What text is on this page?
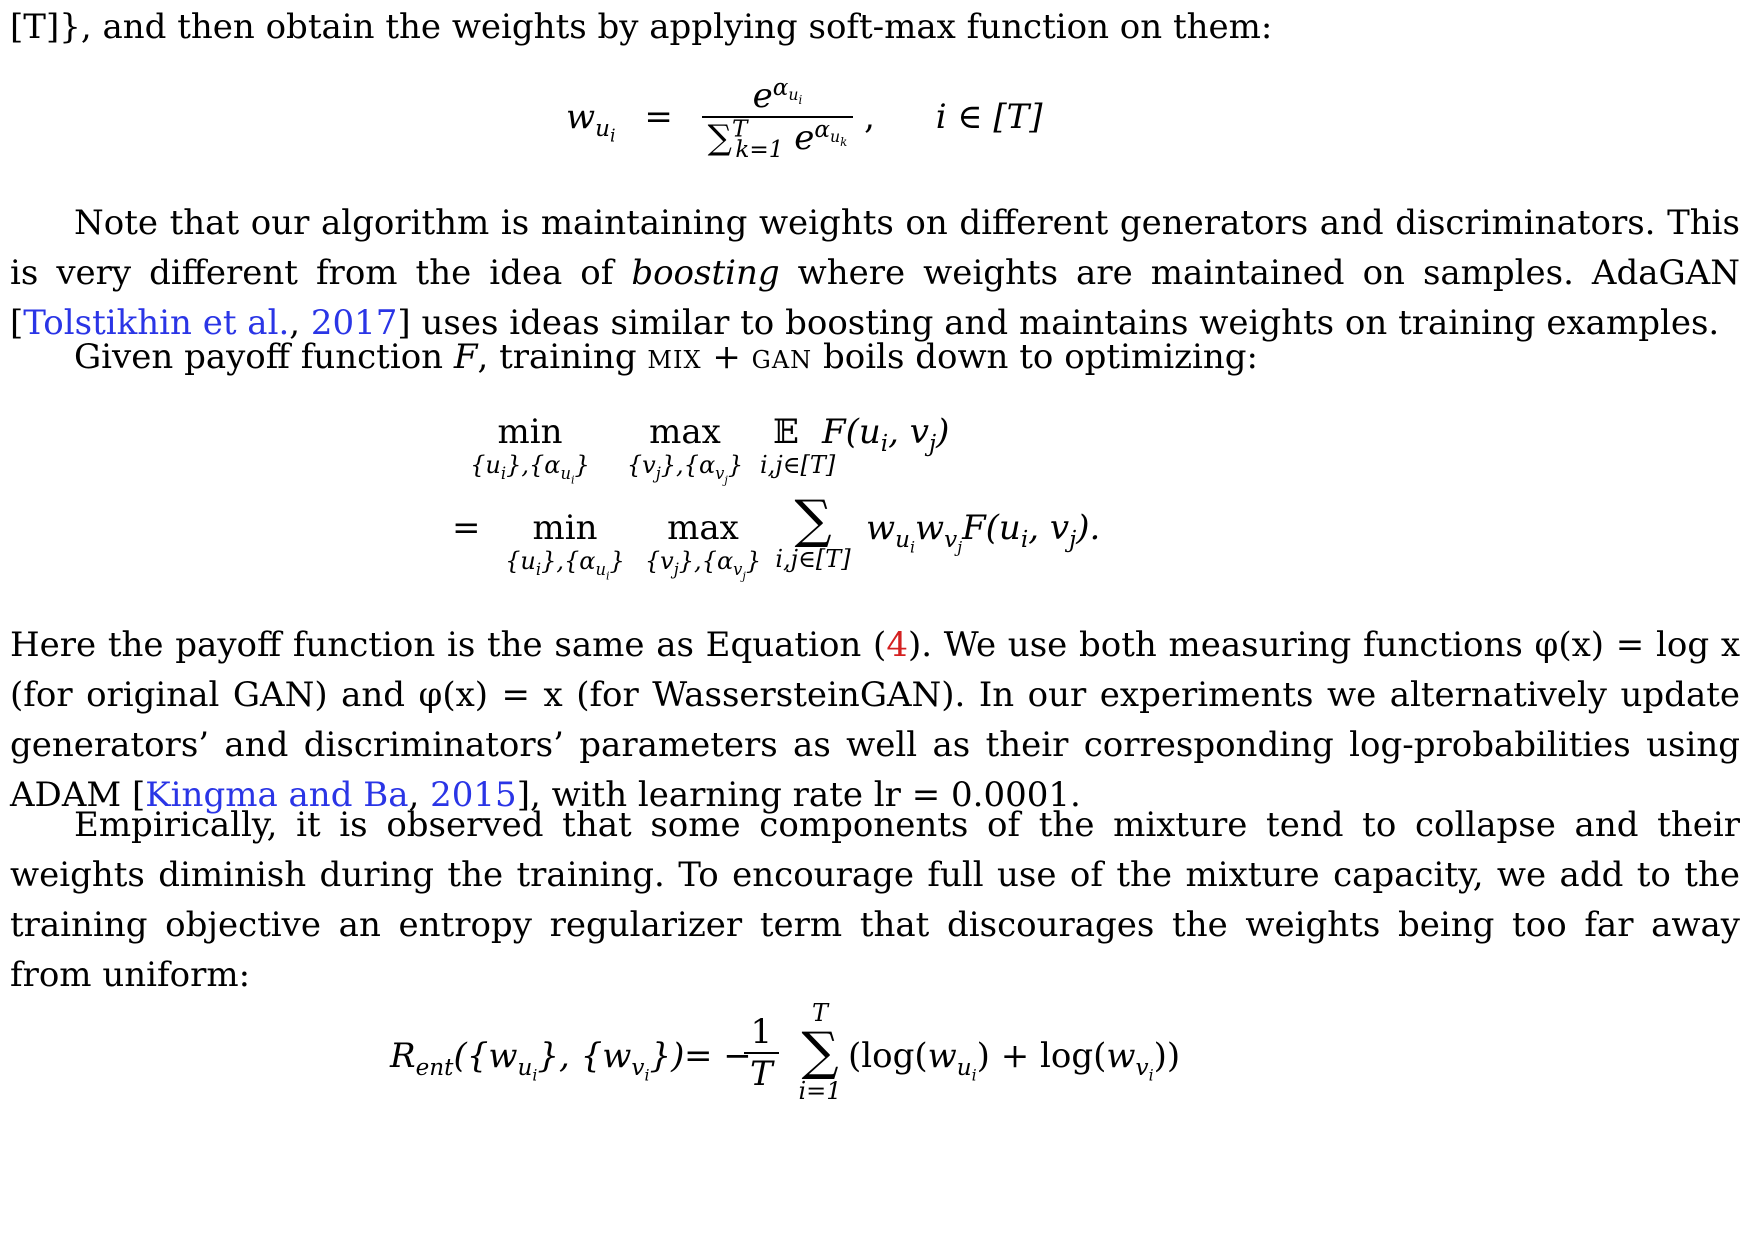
[T]}, and then obtain the weights by applying soft-max function on them:

$w_{u_i} = \frac{e^{\alpha_{u_i}}}{\sum^T_{k=1} e^{\alpha_{u_k}}}$ , i ∈ [T]

Note that our algorithm is maintaining weights on different generators and discriminators. This is very different from the idea of boosting where weights are maintained on samples. AdaGAN [Tolstikhin et al., 2017] uses ideas similar to boosting and maintains weights on training examples.

Given payoff function F, training mix + gan boils down to optimizing:

min
$\{u_i\},\{\alpha_{u_i}\}$
max
$\{v_j\},\{\alpha_{v_j}\}$
𝔼
i,j∈[T]
$F(u_i$, $v_j$)
=	min
$\{u_i\},\{\alpha_{u_i}\}$
max
$\{v_j\},\{\alpha_{v_j}\}$
∑
i,j∈[T]
$w_{u_i}w_{v_j}F(u_i$, $v_j$).

Here the payoff function is the same as Equation (4). We use both measuring functions φ(x) = log x (for original GAN) and φ(x) = x (for WassersteinGAN). In our experiments we alternatively update generators’ and discriminators’ parameters as well as their corresponding log-probabilities using ADAM [Kingma and Ba, 2015], with learning rate lr = 0.0001.

Empirically, it is observed that some components of the mixture tend to collapse and their weights diminish during the training. To encourage full use of the mixture capacity, we add to the training objective an entropy regularizer term that discourages the weights being too far away from uniform:

$R_{ent}(\{w_{u_i}\}$, $\{w_{v_i}\}$) = −
$\frac{1}{T}$	T
∑
i=1
$(\log(w_{u_i}) + \log(w_{v_i}))$
